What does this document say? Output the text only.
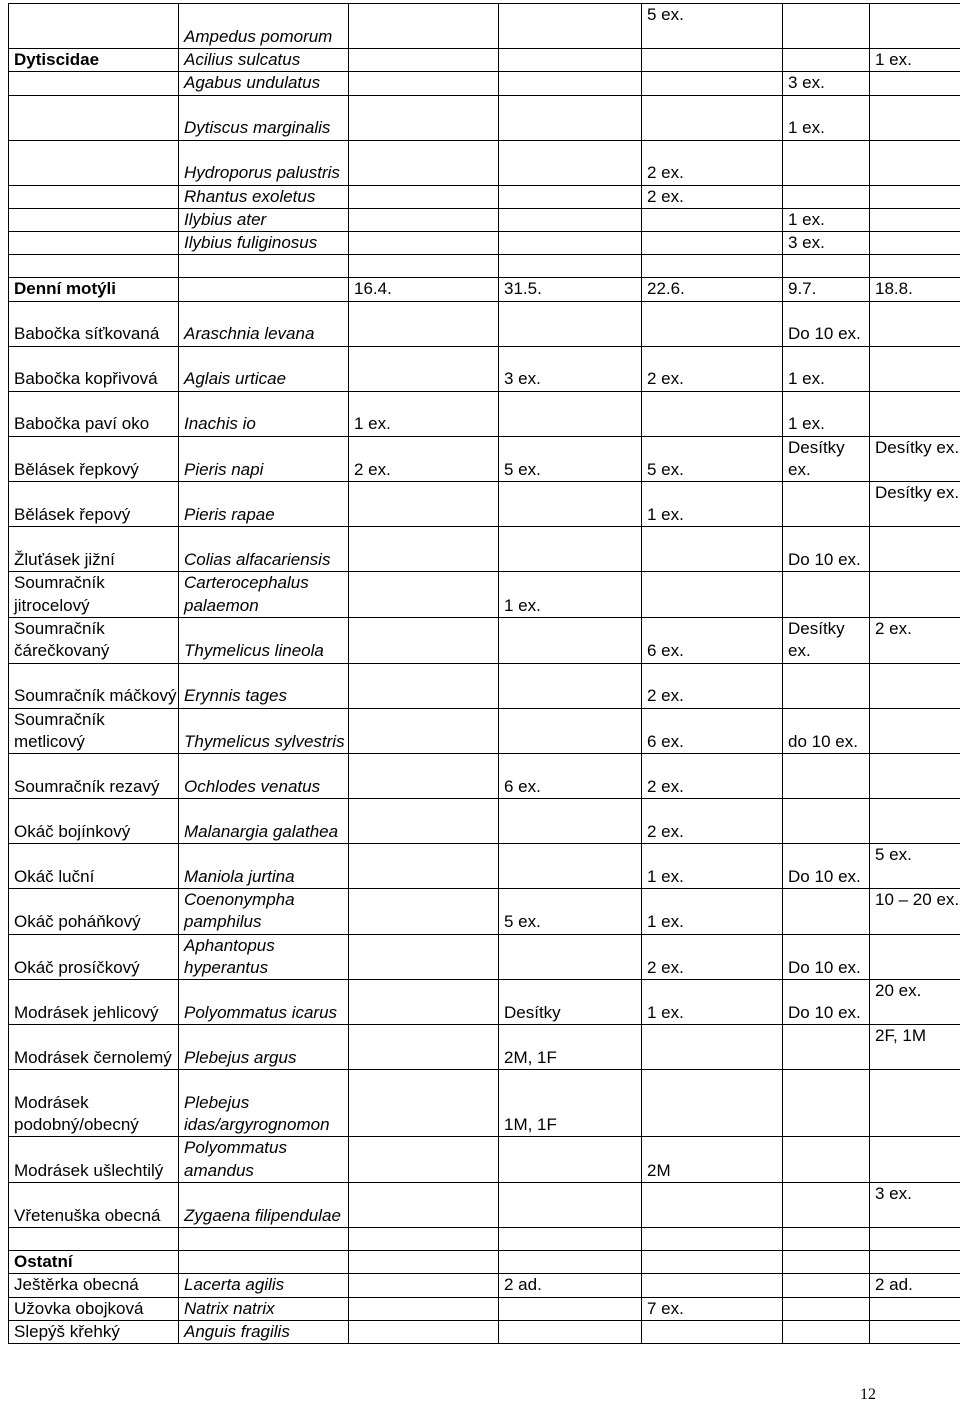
	Ampedus pomorum			5 ex.		
Dytiscidae	Acilius sulcatus					1 ex.
	Agabus undulatus				3 ex.	
	Dytiscus marginalis				1 ex.	
	Hydroporus palustris			2 ex.		
	Rhantus exoletus			2 ex.		
	Ilybius ater				1 ex.	
	Ilybius fuliginosus				3 ex.	

Denní motýli		16.4.	31.5.	22.6.	9.7.	18.8.
Babočka síťkovaná	Araschnia levana				Do 10 ex.	
Babočka kopřivová	Aglais urticae		3 ex.	2 ex.	1 ex.	
Babočka paví oko	Inachis io	1 ex.			1 ex.	
Bělásek řepkový	Pieris napi	2 ex.	5 ex.	5 ex.	Desítky ex.	Desítky ex.
Bělásek řepový	Pieris rapae			1 ex.		Desítky ex.
Žluťásek jižní	Colias alfacariensis				Do 10 ex.	
Soumračník jitrocelový	Carterocephalus palaemon		1 ex.			
Soumračník čárečkovaný	Thymelicus lineola			6 ex.	Desítky ex.	2 ex.
Soumračník máčkový	Erynnis tages			2 ex.		
Soumračník metlicový	Thymelicus sylvestris			6 ex.	do 10 ex.	
Soumračník rezavý	Ochlodes venatus		6 ex.	2 ex.		
Okáč bojínkový	Malanargia galathea			2 ex.		
Okáč luční	Maniola jurtina			1 ex.	Do 10 ex.	5 ex.
Okáč poháňkový	Coenonympha pamphilus		5 ex.	1 ex.		10 – 20 ex.
Okáč prosíčkový	Aphantopus hyperantus			2 ex.	Do 10 ex.	
Modrásek jehlicový	Polyommatus icarus		Desítky	1 ex.	Do 10 ex.	20 ex.
Modrásek černolemý	Plebejus argus		2M, 1F			2F, 1M
Modrásek podobný/obecný	Plebejus idas/argyrognomon		1M, 1F			
Modrásek ušlechtilý	Polyommatus amandus			2M		
Vřetenuška obecná	Zygaena filipendulae					3 ex.

Ostatní						
Ještěrka obecná	Lacerta agilis		2 ad.			2 ad.
Užovka obojková	Natrix natrix			7 ex.		
Slepýš křehký	Anguis fragilis					
12
